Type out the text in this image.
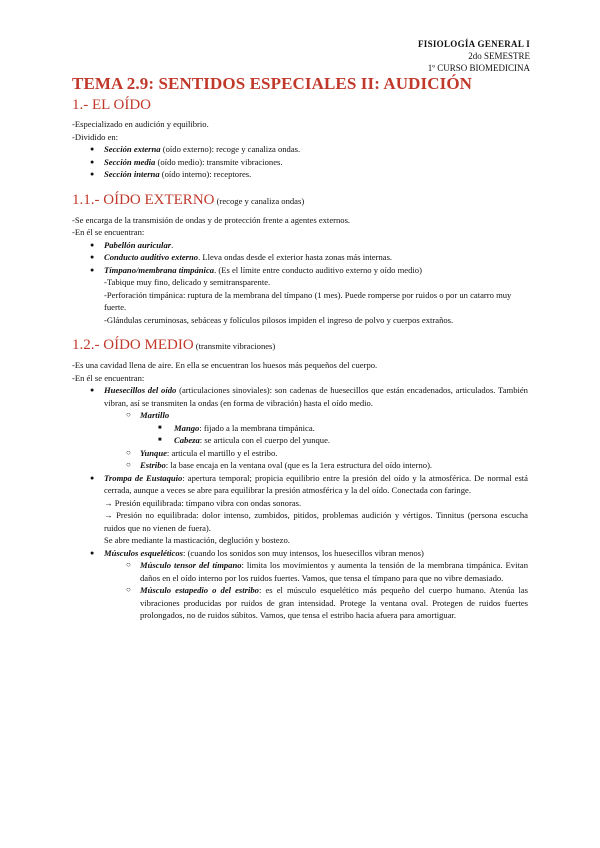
FISIOLOGÍA GENERAL I
2do SEMESTRE
1º CURSO BIOMEDICINA
TEMA 2.9: SENTIDOS ESPECIALES II: AUDICIÓN
1.- EL OÍDO

-Especializado en audición y equilibrio.

-Dividido en:

● Sección externa (oído externo): recoge y canaliza ondas.
● Sección media (oído medio): transmite vibraciones.
● Sección interna (oído interno): receptores.
1.1.- OÍDO EXTERNO (recoge y canaliza ondas)

-Se encarga de la transmisión de ondas y de protección frente a agentes externos.

-En él se encuentran:

● Pabellón auricular.
● Conducto auditivo externo. Lleva ondas desde el exterior hasta zonas más internas.
● Tímpano/membrana timpánica. (Es el límite entre conducto auditivo externo y oído medio)
-Tabique muy fino, delicado y semitransparente.
-Perforación timpánica: ruptura de la membrana del tímpano (1 mes). Puede romperse por ruidos o por un catarro muy fuerte.
-Glándulas ceruminosas, sebáceas y folículos pilosos impiden el ingreso de polvo y cuerpos extraños.
1.2.- OÍDO MEDIO (transmite vibraciones)

-Es una cavidad llena de aire. En ella se encuentran los huesos más pequeños del cuerpo.

-En él se encuentran:

● Huesecillos del oído (articulaciones sinoviales): son cadenas de huesecillos que están encadenados, articulados. También vibran, así se transmiten la ondas (en forma de vibración) hasta el oído medio.
○ Martillo
■ Mango: fijado a la membrana timpánica.
■ Cabeza: se articula con el cuerpo del yunque.
○ Yunque: articula el martillo y el estribo.
○ Estribo: la base encaja en la ventana oval (que es la 1era estructura del oído interno).
● Trompa de Eustaquio: apertura temporal; propicia equilibrio entre la presión del oído y la atmosférica. De normal está cerrada, aunque a veces se abre para equilibrar la presión atmosférica y la del oído. Conectada con faringe.
→ Presión equilibrada: tímpano vibra con ondas sonoras.
→ Presión no equilibrada: dolor intenso, zumbidos, pitidos, problemas audición y vértigos. Tinnitus (persona escucha ruidos que no vienen de fuera).
Se abre mediante la masticación, deglución y bostezo.
● Músculos esqueléticos: (cuando los sonidos son muy intensos, los huesecillos vibran menos)
○ Músculo tensor del tímpano: limita los movimientos y aumenta la tensión de la membrana timpánica. Evitan daños en el oído interno por los ruidos fuertes. Vamos, que tensa el tímpano para que no vibre demasiado.
○ Músculo estapedio o del estribo: es el músculo esquelético más pequeño del cuerpo humano. Atenúa las vibraciones producidas por ruidos de gran intensidad. Protege la ventana oval. Protegen de ruidos fuertes prolongados, no de ruidos súbitos. Vamos, que tensa el estribo hacia afuera para amortiguar.
